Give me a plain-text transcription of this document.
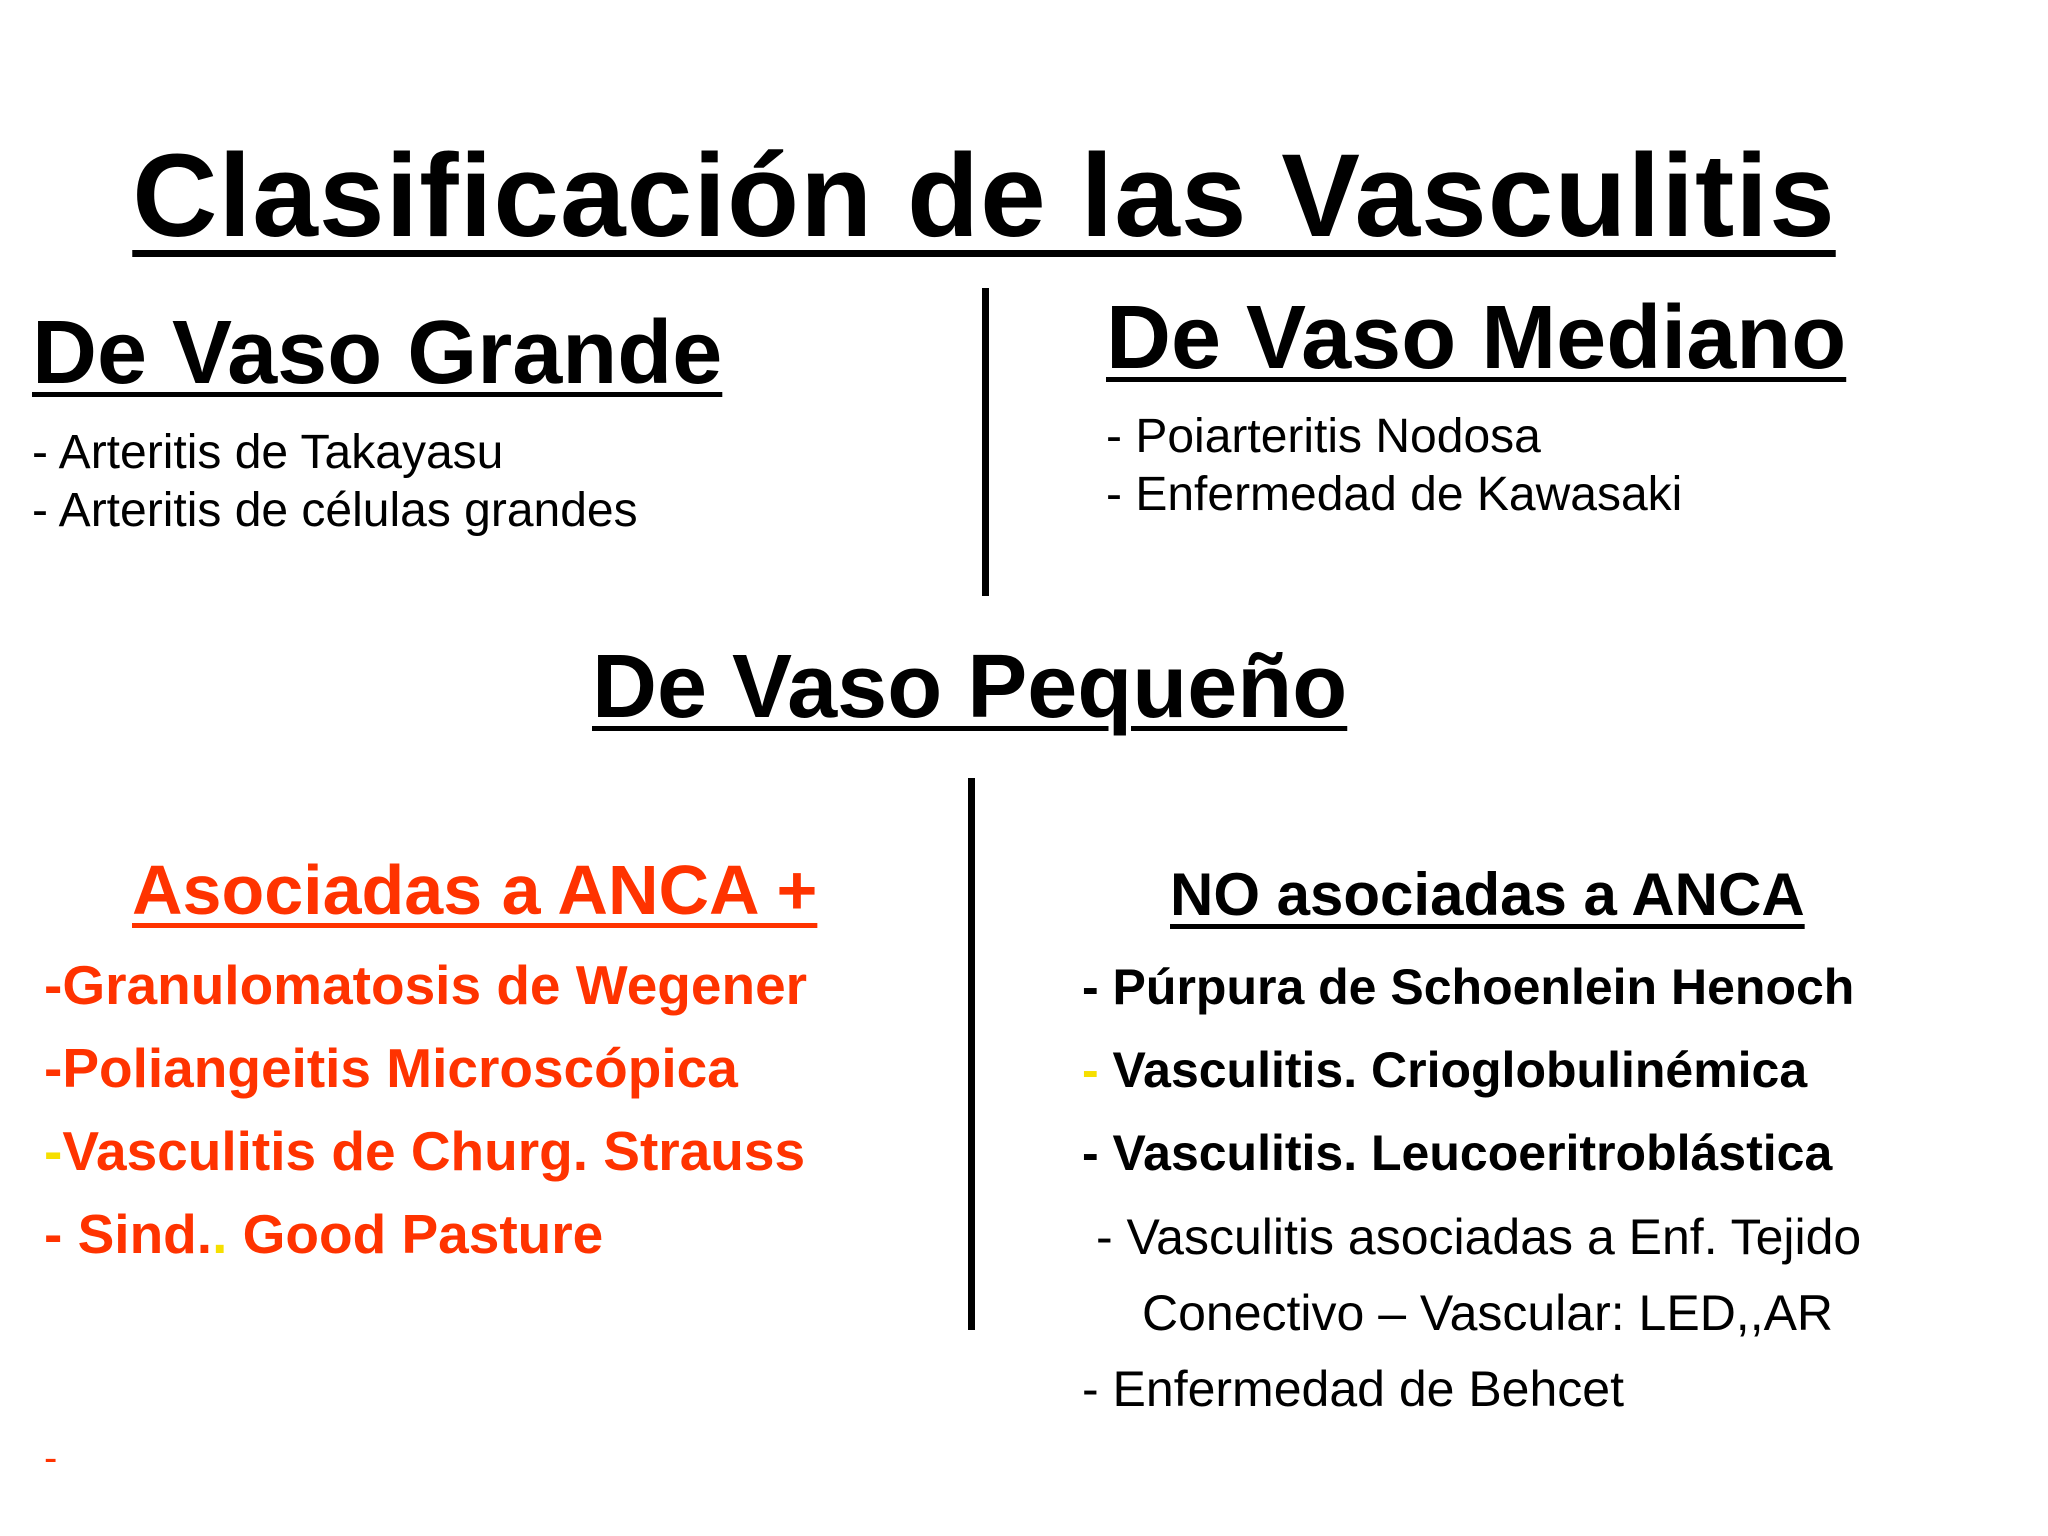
Clasificación de las Vasculitis
De Vaso Grande
- Arteritis de Takayasu
- Arteritis de células grandes
De Vaso Mediano
- Poiarteritis Nodosa
- Enfermedad de Kawasaki
De Vaso Pequeño
Asociadas a ANCA +
-Granulomatosis de Wegener
-Poliangeitis Microscópica
-Vasculitis de Churg. Strauss
- Sind.. Good Pasture
-
NO asociadas a ANCA
- Púrpura de Schoenlein Henoch
- Vasculitis. Crioglobulinémica
- Vasculitis. Leucoeritroblástica
- Vasculitis asociadas a Enf. Tejido
Conectivo – Vascular: LED,,AR
- Enfermedad de Behcet
